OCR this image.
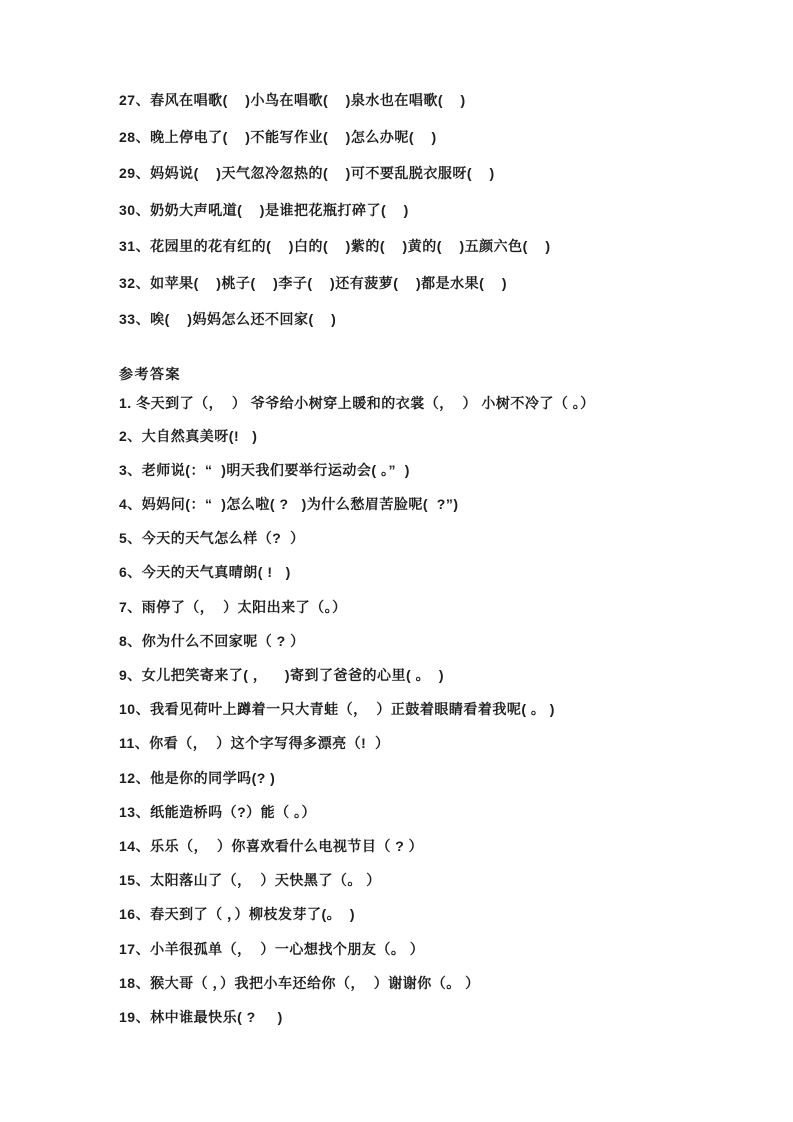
27、春风在唱歌(    )小鸟在唱歌(    )泉水也在唱歌(    )
28、晚上停电了(    )不能写作业(    )怎么办呢(    )
29、妈妈说(    )天气忽冷忽热的(    )可不要乱脱衣服呀(    )
30、奶奶大声吼道(    )是谁把花瓶打碎了(    )
31、花园里的花有红的(    )白的(    )紫的(    )黄的(    )五颜六色(    )
32、如苹果(    )桃子(    )李子(    )还有菠萝(    )都是水果(    )
33、唉(    )妈妈怎么还不回家(    )
参考答案
1. 冬天到了（，  ） 爷爷给小树穿上暖和的衣裳（，  ） 小树不冷了（ 。）
2、大自然真美呀(!   )
3、老师说(：“  )明天我们要举行运动会( 。”  )
4、妈妈问(：“  )怎么啦( ?   )为什么愁眉苦脸呢(  ?”)
5、今天的天气怎么样（?  ）
6、今天的天气真晴朗( !   )
7、雨停了（，  ）太阳出来了（。）
8、你为什么不回家呢（ ? ）
9、女儿把笑寄来了( ，    )寄到了爸爸的心里( 。  )
10、我看见荷叶上蹲着一只大青蛙（，  ）正鼓着眼睛看着我呢( 。 )
11、你看（，  ）这个字写得多漂亮（!  ）
12、他是你的同学吗(? )
13、纸能造桥吗（?）能（ 。）
14、乐乐（，  ）你喜欢看什么电视节目（ ? ）
15、太阳落山了（，  ）天快黑了（。 ）
16、春天到了（ ，）柳枝发芽了(。  )
17、小羊很孤单（，  ）一心想找个朋友（。 ）
18、猴大哥（ ，）我把小车还给你（，  ）谢谢你（。 ）
19、林中谁最快乐( ?     )
